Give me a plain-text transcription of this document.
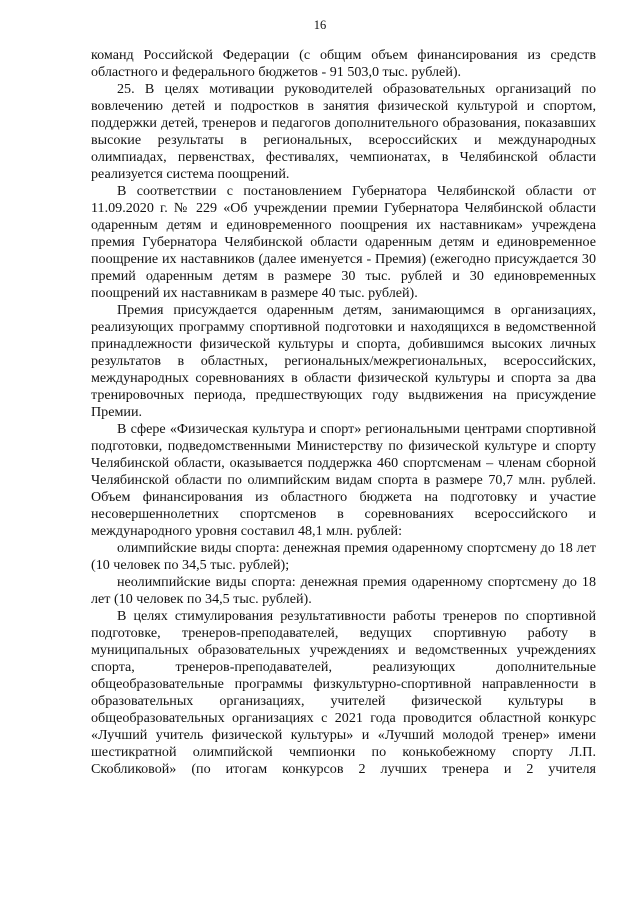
16

команд Российской Федерации (с общим объем финансирования из средств областного и федерального бюджетов - 91 503,0 тыс. рублей).

25. В целях мотивации руководителей образовательных организаций по вовлечению детей и подростков в занятия физической культурой и спортом, поддержки детей, тренеров и педагогов дополнительного образования, показавших высокие результаты в региональных, всероссийских и международных олимпиадах, первенствах, фестивалях, чемпионатах, в Челябинской области реализуется система поощрений.

В соответствии с постановлением Губернатора Челябинской области от 11.09.2020 г. № 229 «Об учреждении премии Губернатора Челябинской области одаренным детям и единовременного поощрения их наставникам» учреждена премия Губернатора Челябинской области одаренным детям и единовременное поощрение их наставников (далее именуется - Премия) (ежегодно присуждается 30 премий одаренным детям в размере 30 тыс. рублей и 30 единовременных поощрений их наставникам в размере 40 тыс. рублей).

Премия присуждается одаренным детям, занимающимся в организациях, реализующих программу спортивной подготовки и находящихся в ведомственной принадлежности физической культуры и спорта, добившимся высоких личных результатов в областных, региональных/межрегиональных, всероссийских, международных соревнованиях в области физической культуры и спорта за два тренировочных периода, предшествующих году выдвижения на присуждение Премии.

В сфере «Физическая культура и спорт» региональными центрами спортивной подготовки, подведомственными Министерству по физической культуре и спорту Челябинской области, оказывается поддержка 460 спортсменам – членам сборной Челябинской области по олимпийским видам спорта в размере 70,7 млн. рублей. Объем финансирования из областного бюджета на подготовку и участие несовершеннолетних спортсменов в соревнованиях всероссийского и международного уровня составил 48,1 млн. рублей:

олимпийские виды спорта: денежная премия одаренному спортсмену до 18 лет (10 человек по 34,5 тыс. рублей);

неолимпийские виды спорта: денежная премия одаренному спортсмену до 18 лет (10 человек по 34,5 тыс. рублей).

В целях стимулирования результативности работы тренеров по спортивной подготовке, тренеров-преподавателей, ведущих спортивную работу в муниципальных образовательных учреждениях и ведомственных учреждениях спорта, тренеров-преподавателей, реализующих дополнительные общеобразовательные программы физкультурно-спортивной направленности в образовательных организациях, учителей физической культуры в общеобразовательных организациях с 2021 года проводится областной конкурс «Лучший учитель физической культуры» и «Лучший молодой тренер» имени шестикратной олимпийской чемпионки по конькобежному спорту Л.П. Скобликовой» (по итогам конкурсов 2 лучших тренера и 2 учителя
